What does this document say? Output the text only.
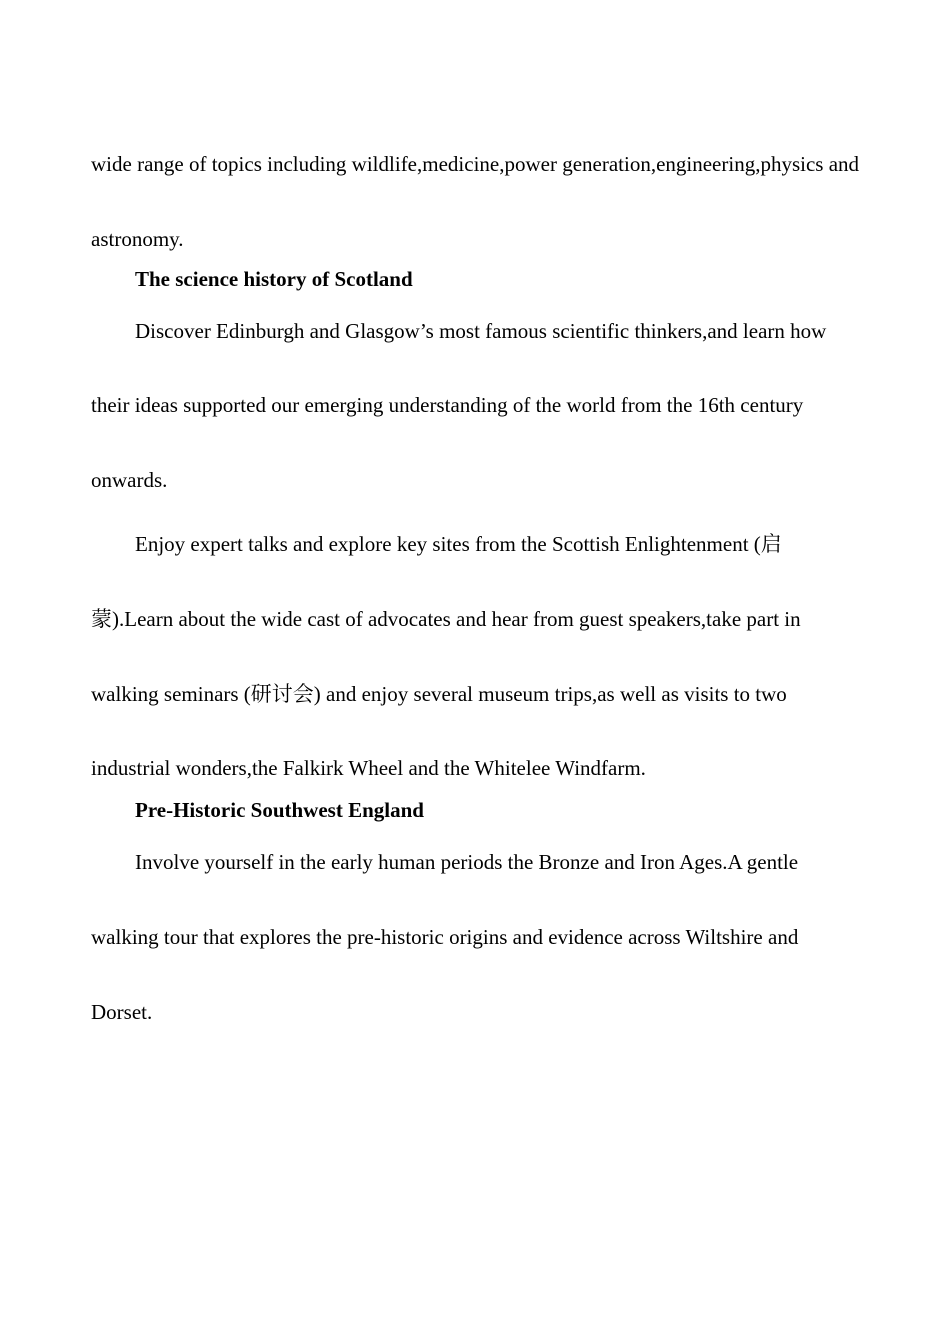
wide range of topics including wildlife,medicine,power generation,engineering,physics and astronomy.

The science history of Scotland

Discover Edinburgh and Glasgow’s most famous scientific thinkers,and learn how their ideas supported our emerging understanding of the world from the 16th century onwards.

Enjoy expert talks and explore key sites from the Scottish Enlightenment (启蒙).Learn about the wide cast of advocates and hear from guest speakers,take part in walking seminars (研讨会) and enjoy several museum trips,as well as visits to two industrial wonders,the Falkirk Wheel and the Whitelee Windfarm.

Pre-Historic Southwest England

Involve yourself in the early human periods the Bronze and Iron Ages.A gentle walking tour that explores the pre-historic origins and evidence across Wiltshire and Dorset.
